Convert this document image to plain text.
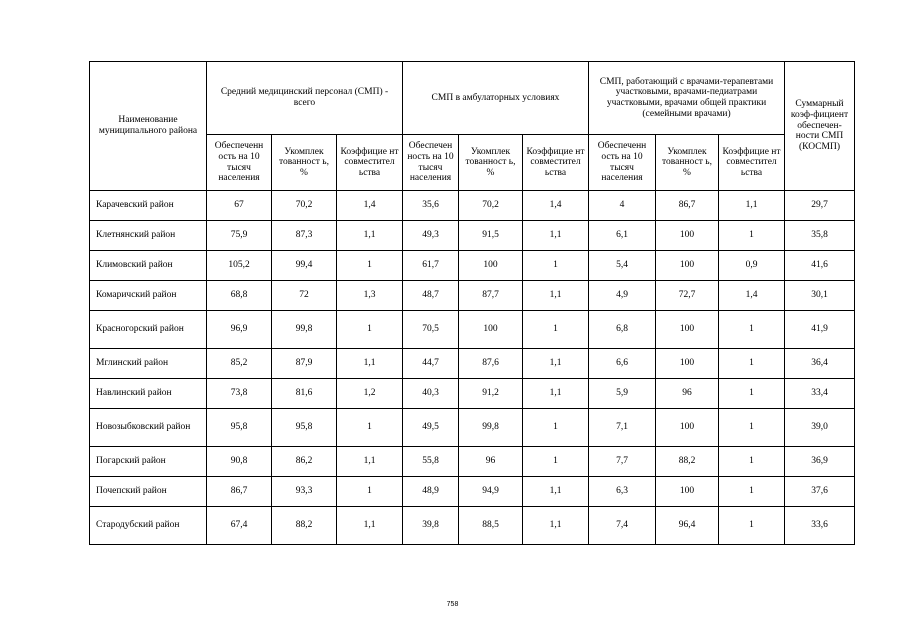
Наименование муниципального района	Средний медицинский персонал (СМП) - всего			СМП в амбулаторных условиях			СМП, работающий с врачами-терапевтами участковыми, врачами-педиатрами участковыми, врачами общей практики (семейными врачами)			Суммарный коэф-фициент обеспечен-ности СМП (КОСМП)
	Обеспеченн ость на 10 тысяч населения	Укомплек тованност ь, %	Коэффицие нт совместител ьства	Обеспечен ность на 10 тысяч населения	Укомплек тованност ь, %	Коэффицие нт совместител ьства	Обеспеченн ость на 10 тысяч населения	Укомплек тованност ь, %	Коэффицие нт совместител ьства	
Карачевский район	67	70,2	1,4	35,6	70,2	1,4	4	86,7	1,1	29,7
Клетнянский район	75,9	87,3	1,1	49,3	91,5	1,1	6,1	100	1	35,8
Климовский район	105,2	99,4	1	61,7	100	1	5,4	100	0,9	41,6
Комаричский район	68,8	72	1,3	48,7	87,7	1,1	4,9	72,7	1,4	30,1
Красногорский район	96,9	99,8	1	70,5	100	1	6,8	100	1	41,9
Мглинский район	85,2	87,9	1,1	44,7	87,6	1,1	6,6	100	1	36,4
Навлинский район	73,8	81,6	1,2	40,3	91,2	1,1	5,9	96	1	33,4
Новозыбковский район	95,8	95,8	1	49,5	99,8	1	7,1	100	1	39,0
Погарский район	90,8	86,2	1,1	55,8	96	1	7,7	88,2	1	36,9
Почепский район	86,7	93,3	1	48,9	94,9	1,1	6,3	100	1	37,6
Стародубский район	67,4	88,2	1,1	39,8	88,5	1,1	7,4	96,4	1	33,6
758
